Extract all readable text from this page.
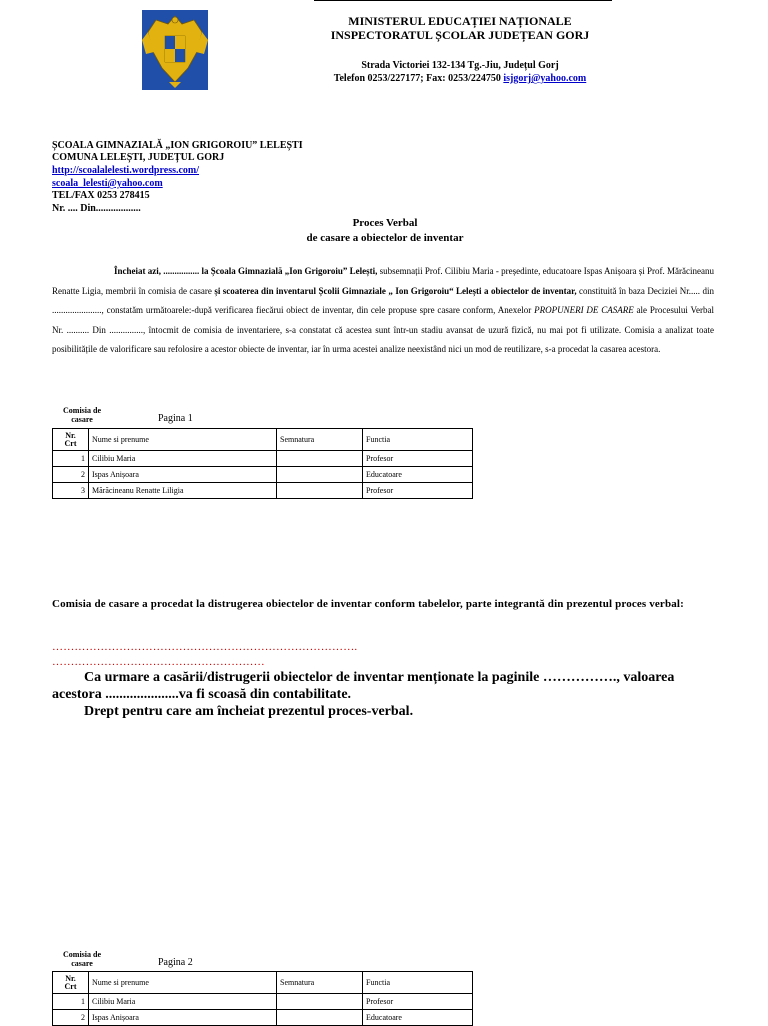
MINISTERUL EDUCAȚIEI NAȚIONALE
INSPECTORATUL ȘCOLAR JUDEȚEAN GORJ
Strada Victoriei 132-134 Tg.-Jiu, Județul Gorj
Telefon 0253/227177; Fax: 0253/224750 isjgorj@yahoo.com
ȘCOALA GIMNAZIALĂ „ION GRIGOROIU” LELEȘTI
COMUNA LELEȘTI, JUDEȚUL GORJ
http://scoalalelesti.wordpress.com/
scoala_lelesti@yahoo.com
TEL/FAX 0253 278415
Nr. .... Din..................
Proces Verbal
de casare a obiectelor de inventar
Încheiat azi, ................ la Școala Gimnazială „Ion Grigoroiu” Lelești, subsemnații Prof. Cilibiu Maria - președinte, educatoare Ispas Anișoara și Prof. Mărăcineanu Renatte Ligia, membrii în comisia de casare și scoaterea din inventarul Școlii Gimnaziale „ Ion Grigoroiu“ Lelești a obiectelor de inventar, constituită în baza Deciziei Nr..... din ......................, constatăm următoarele:-după verificarea fiecărui obiect de inventar, din cele propuse spre casare conform, Anexelor PROPUNERI DE CASARE ale Procesului Verbal Nr. .......... Din ..............., întocmit de comisia de inventariere, s-a constatat că acestea sunt într-un stadiu avansat de uzură fizică, nu mai pot fi utilizate. Comisia a analizat toate posibilitățile de valorificare sau refolosire a acestor obiecte de inventar, iar în urma acestei analize neexistând nici un mod de reutilizare, s-a procedat la casarea acestora.
Comisia de
casare	Pagina 1
Nr.
Crt	Nume si prenume	Semnatura	Functia
1	Cilibiu Maria		Profesor
2	Ispas Anișoara		Educatoare
3	Mărăcineanu Renatte Liligia		Profesor
Comisia de casare a procedat la distrugerea obiectelor de inventar conform tabelelor, parte integrantă din prezentul proces verbal:
……………………………………………………………………….
…………………………………………………
Ca urmare a casării/distrugerii obiectelor de inventar menționate la paginile ……………., valoarea acestora .....................va fi scoasă din contabilitate.
Drept pentru care am încheiat prezentul proces-verbal.
Comisia de
casare	Pagina 2
Nr.
Crt	Nume si prenume	Semnatura	Functia
1	Cilibiu Maria		Profesor
2	Ispas Anișoara		Educatoare
